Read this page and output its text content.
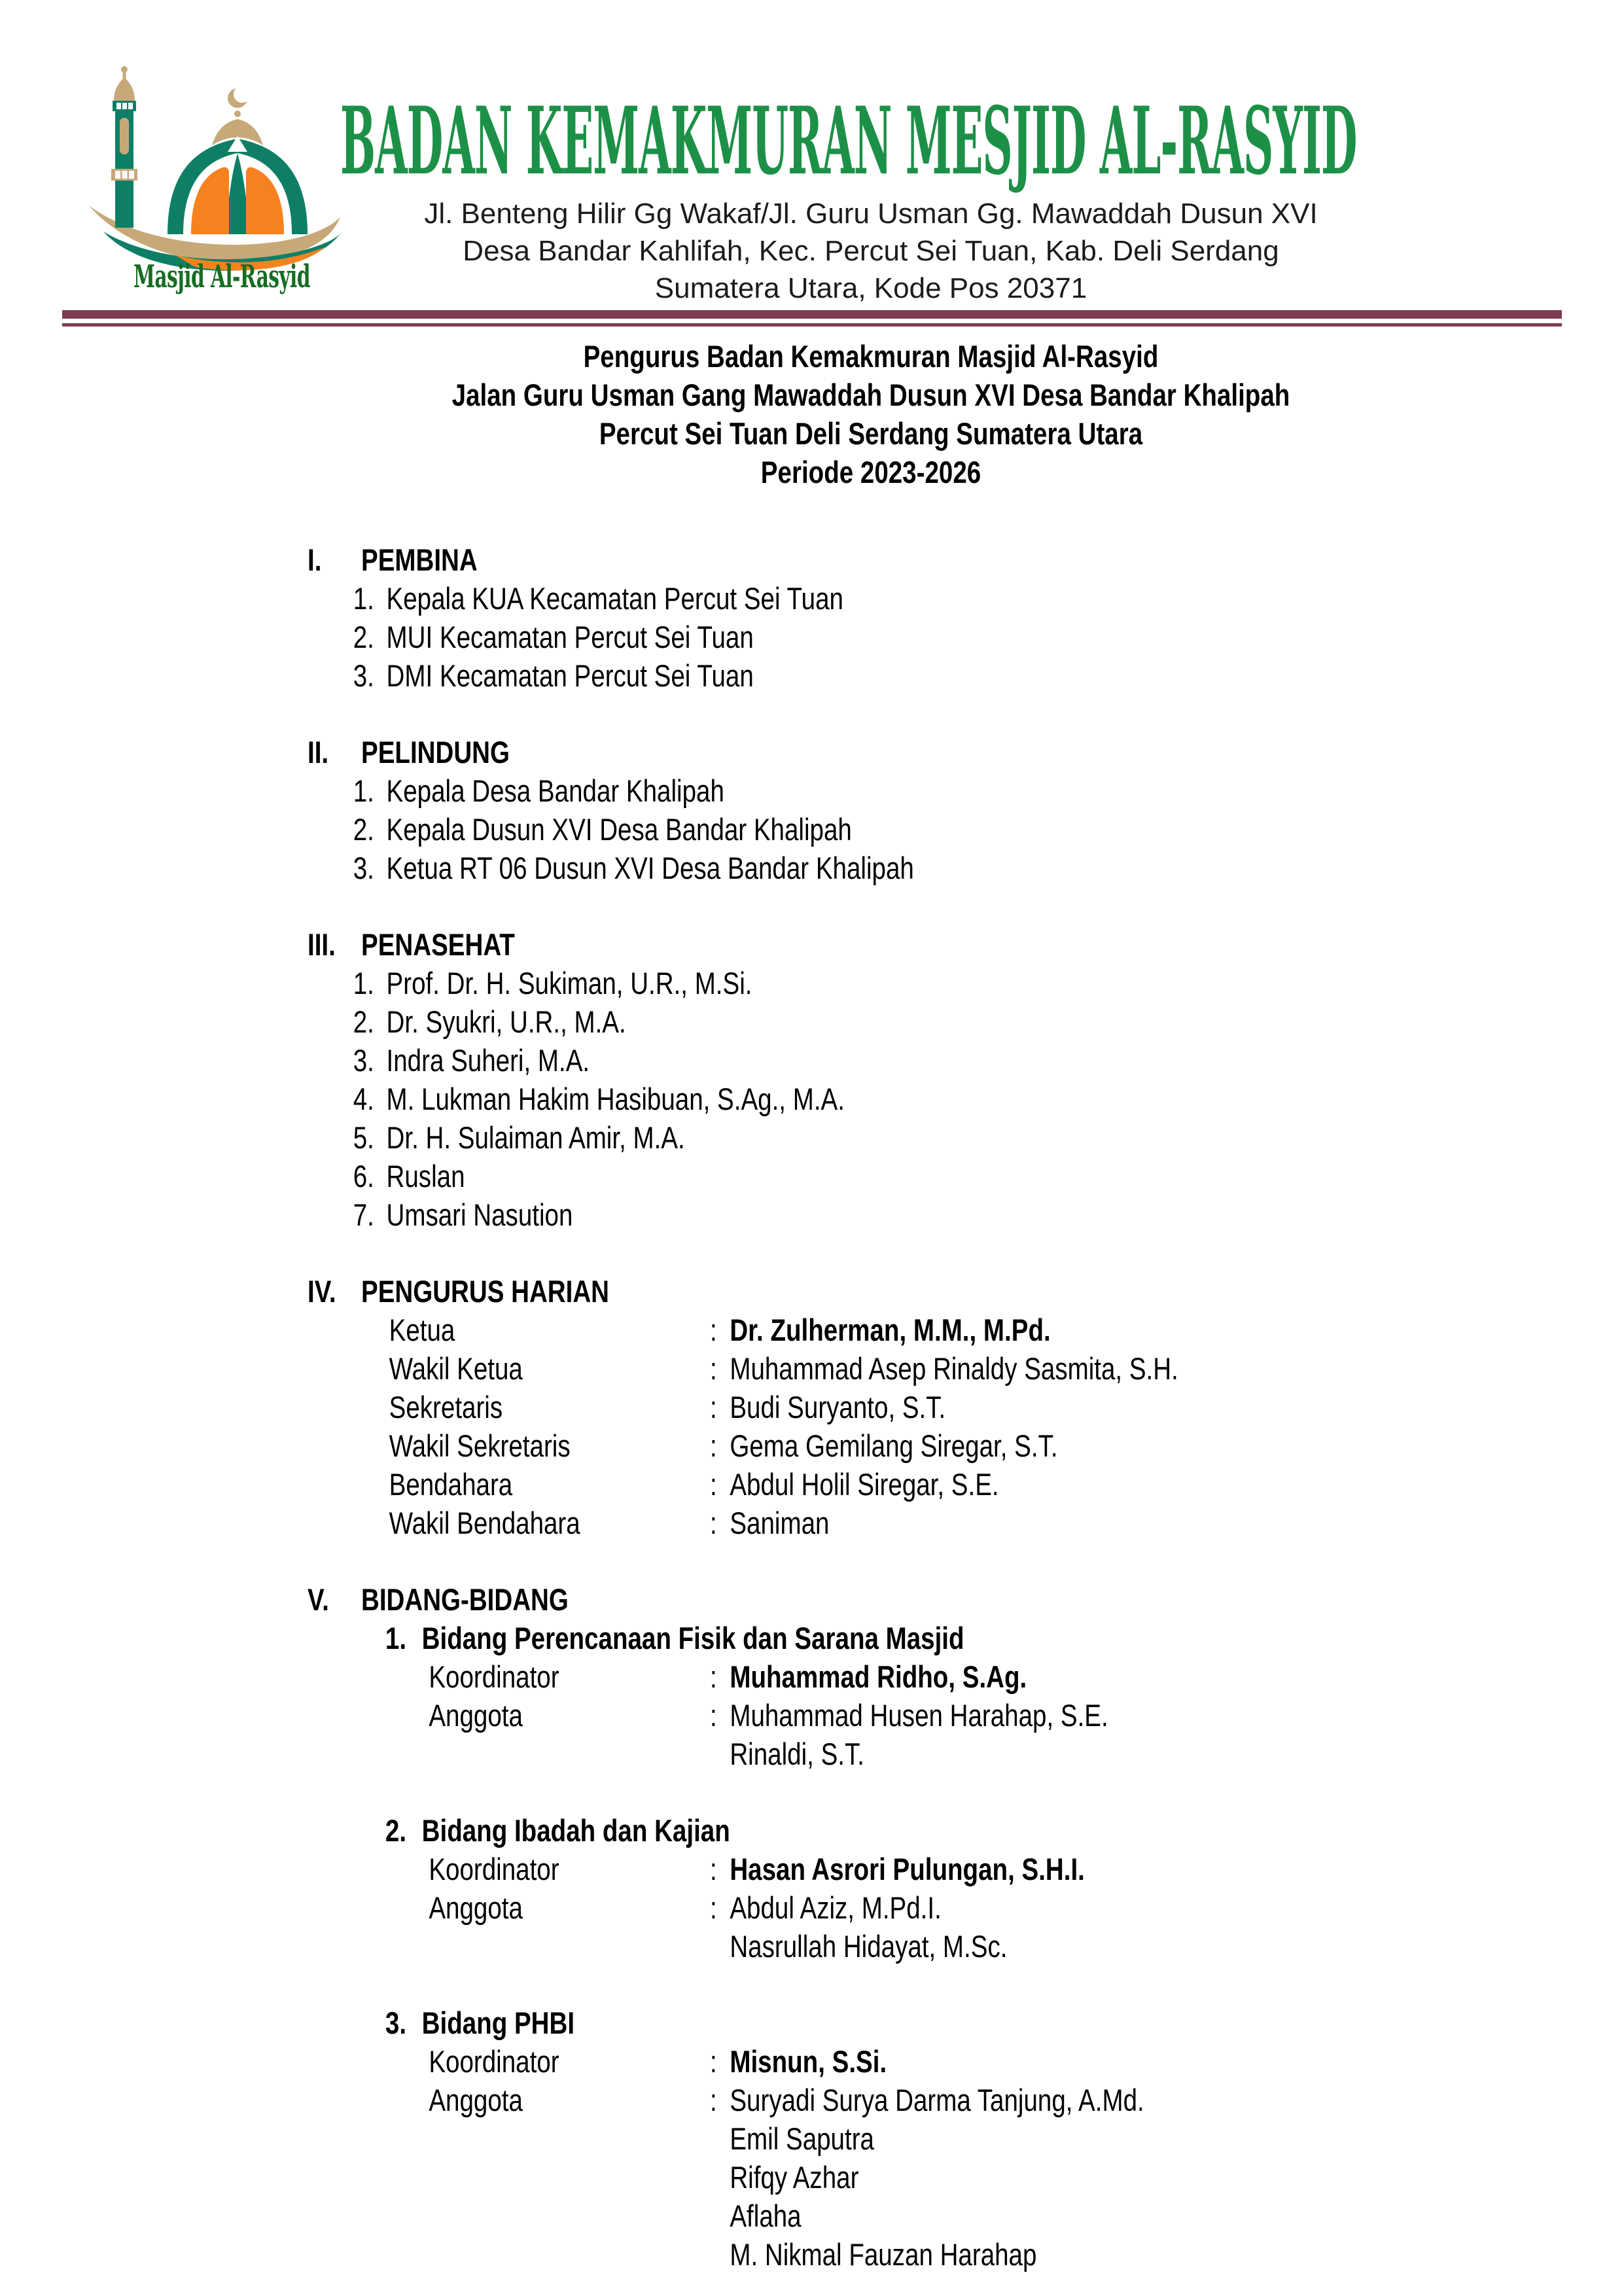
Masjid Al-Rasyid
BADAN KEMAKMURAN MESJID AL-RASYID
Jl. Benteng Hilir Gg Wakaf/Jl. Guru Usman Gg. Mawaddah Dusun XVI
Desa Bandar Kahlifah, Kec. Percut Sei Tuan, Kab. Deli Serdang
Sumatera Utara, Kode Pos 20371
Pengurus Badan Kemakmuran Masjid Al-Rasyid
Jalan Guru Usman Gang Mawaddah Dusun XVI Desa Bandar Khalipah
Percut Sei Tuan Deli Serdang Sumatera Utara
Periode 2023-2026
I.	PEMBINA
1. Kepala KUA Kecamatan Percut Sei Tuan
2. MUI Kecamatan Percut Sei Tuan
3. DMI Kecamatan Percut Sei Tuan
II.	PELINDUNG
1. Kepala Desa Bandar Khalipah
2. Kepala Dusun XVI Desa Bandar Khalipah
3. Ketua RT 06 Dusun XVI Desa Bandar Khalipah
III. PENASEHAT
1. Prof. Dr. H. Sukiman, U.R., M.Si.
2. Dr. Syukri, U.R., M.A.
3. Indra Suheri, M.A.
4. M. Lukman Hakim Hasibuan, S.Ag., M.A.
5. Dr. H. Sulaiman Amir, M.A.
6. Ruslan
7. Umsari Nasution
IV. PENGURUS HARIAN
Ketua	: Dr. Zulherman, M.M., M.Pd.
Wakil Ketua	: Muhammad Asep Rinaldy Sasmita, S.H.
Sekretaris	: Budi Suryanto, S.T.
Wakil Sekretaris	: Gema Gemilang Siregar, S.T.
Bendahara	: Abdul Holil Siregar, S.E.
Wakil Bendahara	: Saniman
V.	BIDANG-BIDANG
1. Bidang Perencanaan Fisik dan Sarana Masjid
Koordinator	: Muhammad Ridho, S.Ag.
Anggota	: Muhammad Husen Harahap, S.E.
Rinaldi, S.T.
2. Bidang Ibadah dan Kajian
Koordinator	: Hasan Asrori Pulungan, S.H.I.
Anggota	: Abdul Aziz, M.Pd.I.
Nasrullah Hidayat, M.Sc.
3. Bidang PHBI
Koordinator	: Misnun, S.Si.
Anggota	: Suryadi Surya Darma Tanjung, A.Md.
Emil Saputra
Rifqy Azhar
Aflaha
M. Nikmal Fauzan Harahap
